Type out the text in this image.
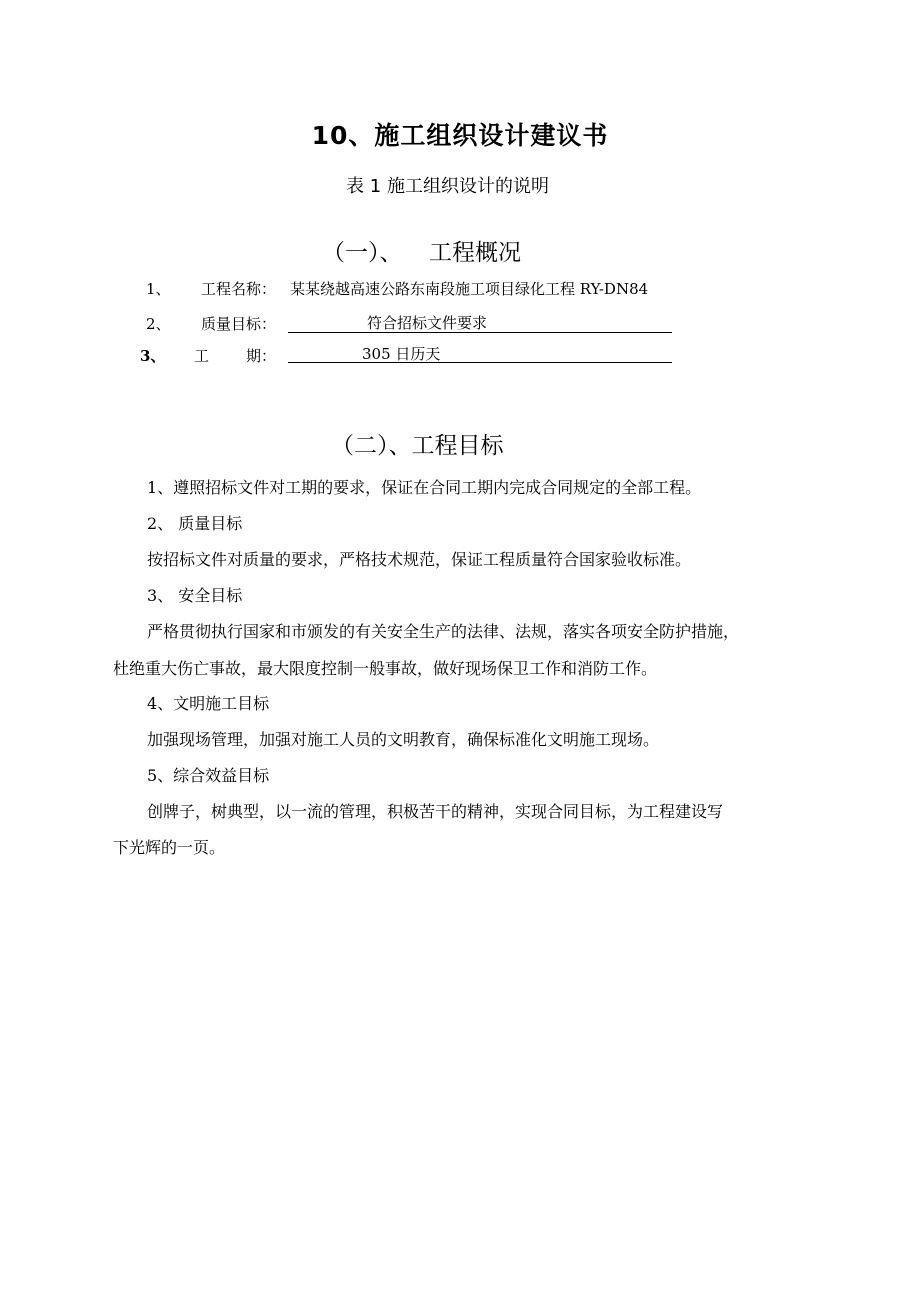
10、施工组织设计建议书
表 1 施工组织设计的说明
（一）、 工程概况
1、 工程名称： 某某绕越高速公路东南段施工项目绿化工程 RY-DN84
2、 质量目标：	符合招标文件要求
3、 工 期：	305 日历天
（二）、工程目标
1、遵照招标文件对工期的要求，保证在合同工期内完成合同规定的全部工程。
2、 质量目标
按招标文件对质量的要求，严格技术规范，保证工程质量符合国家验收标准。
3、 安全目标
严格贯彻执行国家和市颁发的有关安全生产的法律、法规，落实各项安全防护措施，
杜绝重大伤亡事故，最大限度控制一般事故，做好现场保卫工作和消防工作。
4、文明施工目标
加强现场管理，加强对施工人员的文明教育，确保标准化文明施工现场。
5、综合效益目标
创牌子，树典型，以一流的管理，积极苦干的精神，实现合同目标，为工程建设写
下光辉的一页。
